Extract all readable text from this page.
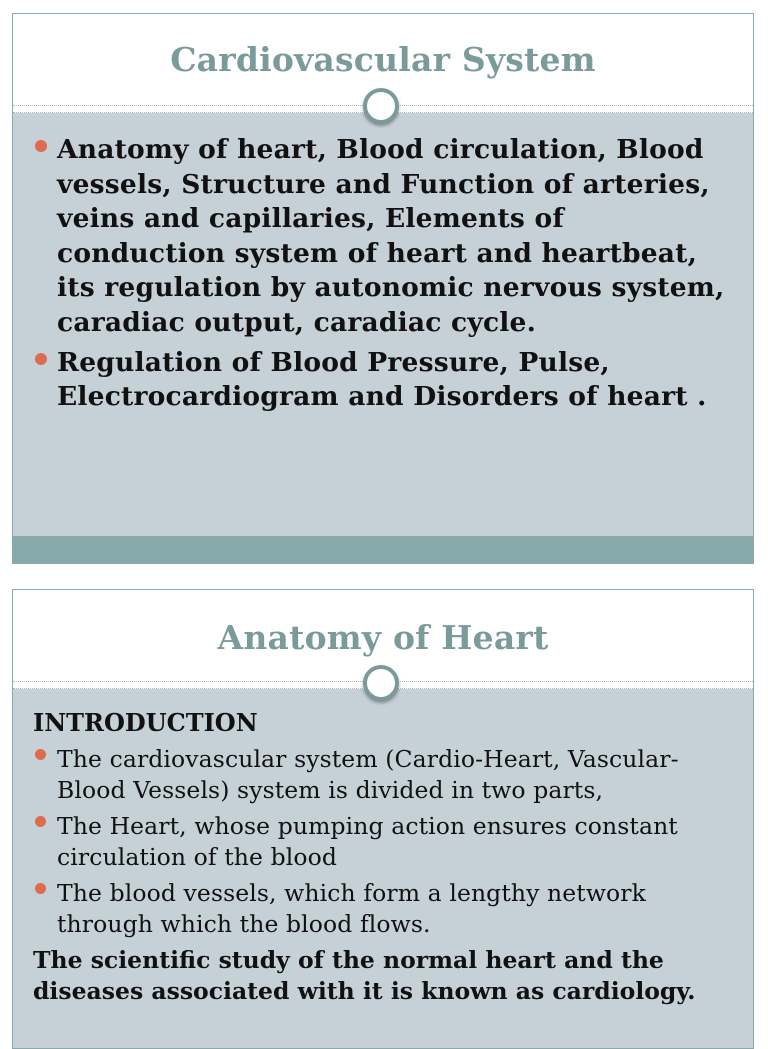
Cardiovascular System

Anatomy of heart, Blood circulation, Blood vessels, Structure and Function of arteries, veins and capillaries, Elements of conduction system of heart and heartbeat, its regulation by autonomic nervous system, caradiac output, caradiac cycle.

Regulation of Blood Pressure, Pulse, Electrocardiogram and Disorders of heart .

Anatomy of Heart

INTRODUCTION

The cardiovascular system (Cardio-Heart, Vascular-Blood Vessels) system is divided in two parts,

The Heart, whose pumping action ensures constant circulation of the blood

The blood vessels, which form a lengthy network through which the blood flows.

The scientific study of the normal heart and the diseases associated with it is known as cardiology.
